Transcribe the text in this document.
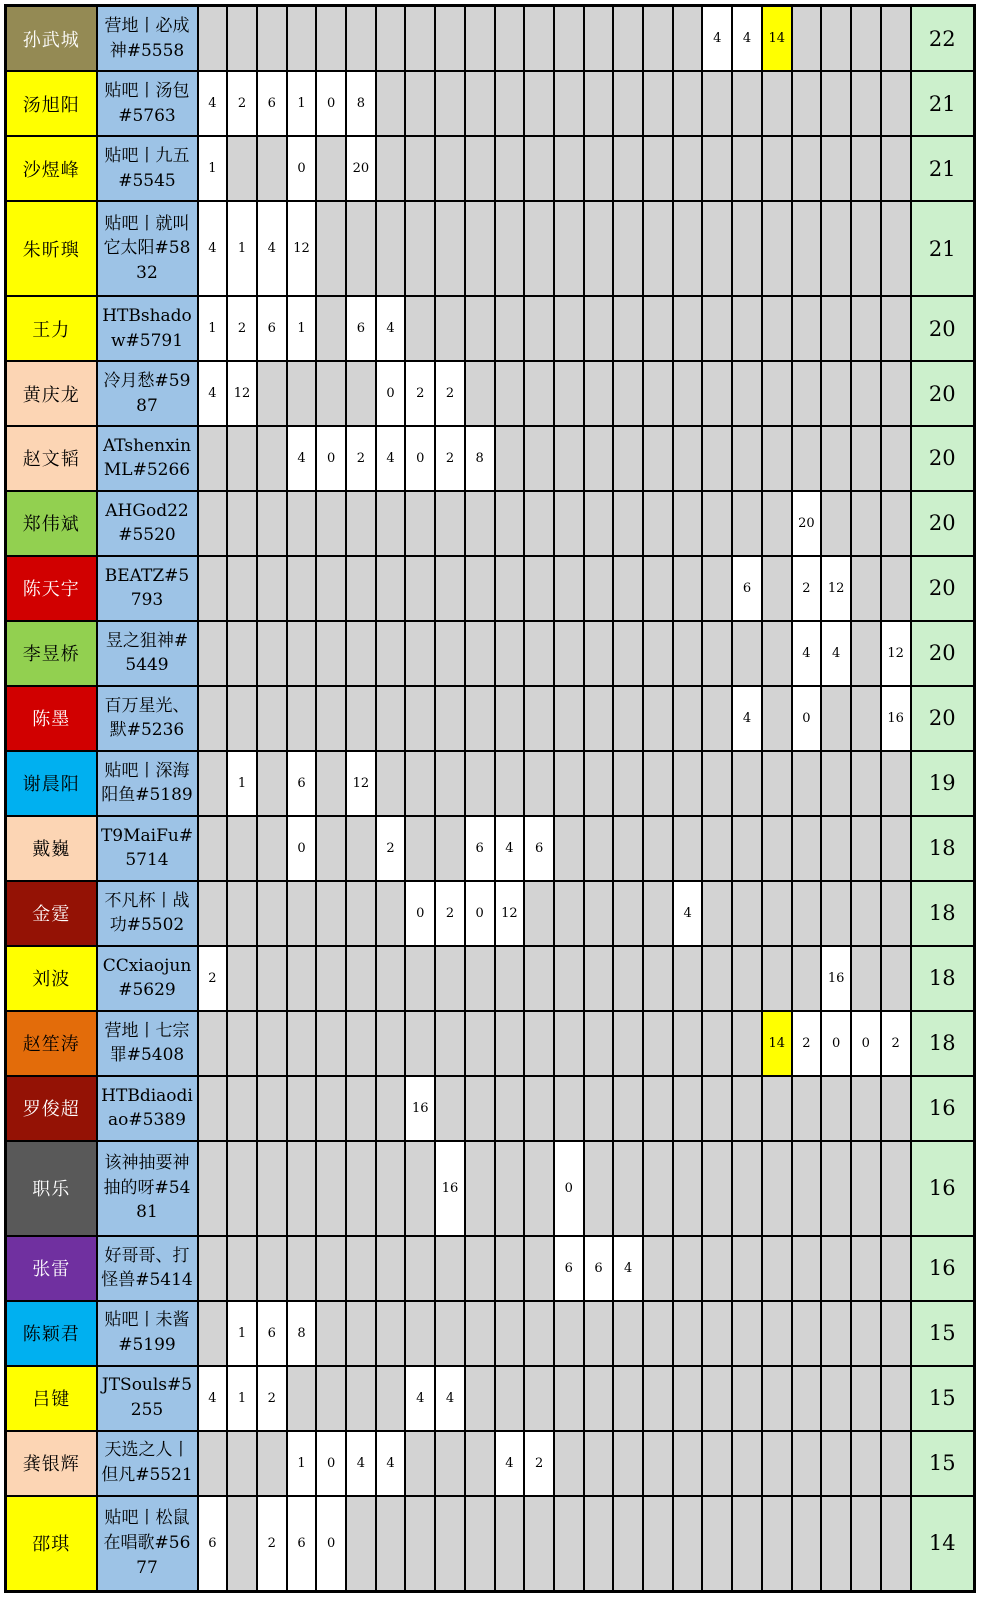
孙武城	营地丨必成神#5558																		4	4	14					22
汤旭阳	贴吧丨汤包#5763	4	2	6	1	0	8																			21
沙煜峰	贴吧丨九五#5545	1			0		20																			21
朱昕璵	贴吧丨就叫它太阳#5832	4	1	4	12																					21
王力	HTBshadow#5791	1	2	6	1		6	4																		20
黄庆龙	冷月愁#5987	4	12					0	2	2																20
赵文韬	ATshenxinML#5266				4	0	2	4	0	2	8															20
郑伟斌	AHGod22#5520																					20				20
陈天宇	BEATZ#5793																			6		2	12			20
李昱桥	昱之狙神#5449																					4	4		12	20
陈墨	百万星光、默#5236																			4		0			16	20
谢晨阳	贴吧丨深海阳鱼#5189		1		6		12																			19
戴巍	T9MaiFu#5714				0			2			6	4	6													18
金霆	不凡杯丨战功#5502								0	2	0	12						4								18
刘波	CCxiaojun#5629	2																					16			18
赵笙涛	营地丨七宗罪#5408																				14	2	0	0	2	18
罗俊超	HTBdiaodiao#5389								16																	16
职乐	该神抽要神抽的呀#5481									16				0												16
张雷	好哥哥、打怪兽#5414													6	6	4										16
陈颖君	贴吧丨未酱#5199		1	6	8																					15
吕键	JTSouls#5255	4	1	2					4	4																15
龚银辉	天选之人丨但凡#5521				1	0	4	4				4	2													15
邵琪	贴吧丨松鼠在唱歌#5677	6		2	6	0																				14
